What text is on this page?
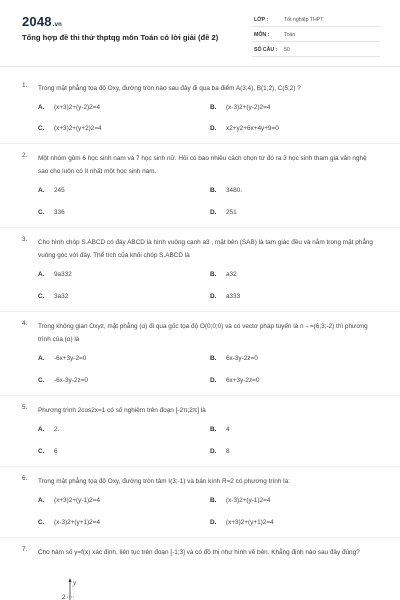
2048.vn
Tổng hợp đề thi thử thptqg môn Toán có lời giải (đề 2)
LỚP :	Tốt nghiệp THPT
MÔN :	Toán
SỐ CÂU : 50
1. Trong mặt phẳng tọa độ Oxy, đường tròn nào sau đây đi qua ba điểm A(3;4), B(1;2), C(5;2) ?
A. (x+3)2+(y-2)2=4	B. (x-3)2+(y-2)2=4
C. (x+3)2+(y+2)2=4	D. x2+y2+6x+4y+9=0
2. Một nhóm gồm 6 học sinh nam và 7 học sinh nữ. Hỏi có bao nhiêu cách chọn từ đó ra 3 học sinh tham gia văn nghệ sao cho luôn có ít nhất một học sinh nam.
A. 245	B. 3480.
C. 336	D. 251
3. Cho hình chóp S.ABCD có đáy ABCD là hình vuông cạnh a3 , mặt bên (SAB) là tam giác đều và nằm trong mặt phẳng vuông góc với đáy. Thể tích của khối chóp S.ABCD là
A. 9a332	B. a32
C. 3a32	D. a333
4. Trong không gian Oxyz, mặt phẳng (α) đi qua gốc tọa độ O(0;0;0) và có vectơ pháp tuyến là n→=(6;3;-2) thì phương trình của (α) là
A. -6x+3y-2=0	B. 6x-3y-2z=0
C. -6x-3y-2z=0	D. 6x+3y-2z=0
5. Phương trình 2cos2x=1 có số nghiệm trên đoạn [-2π;2π] là
A. 2.	B. 4
C. 6	D. 8
6. Trong mặt phẳng tọa độ Oxy, đường tròn tâm I(3;-1) và bán kính R=2 có phương trình là:
A. (x+3)2+(y-1)2=4	B. (x-3)2+(y-1)2=4
C. (x-3)2+(y+1)2=4	D. (x+3)2+(y+1)2=4
7. Cho hàm số y=f(x) xác định, liên tục trên đoạn [-1;3] và có đồ thị như hình vẽ bên. Khẳng định nào sau đây đúng?
y
2
